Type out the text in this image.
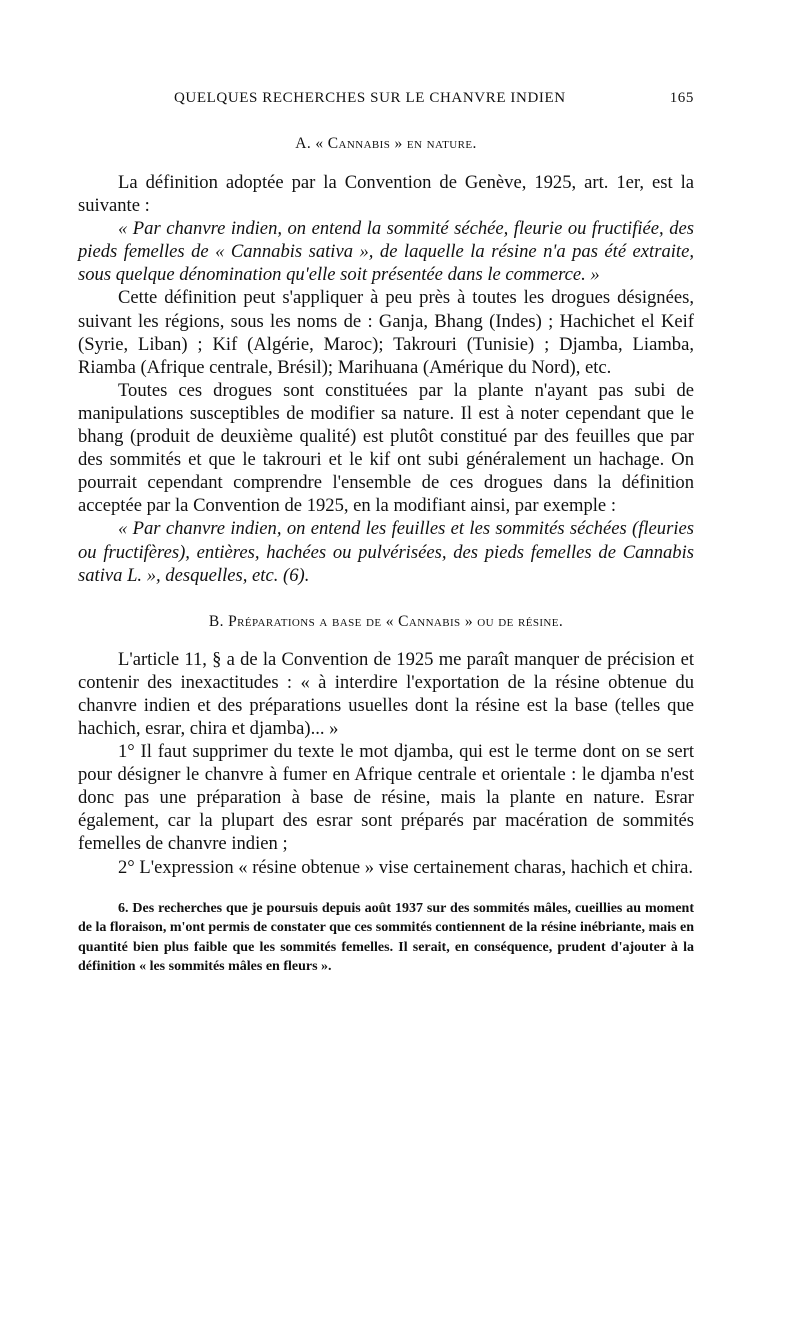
QUELQUES RECHERCHES SUR LE CHANVRE INDIEN	165

A. « Cannabis » en nature.

La définition adoptée par la Convention de Genève, 1925, art. 1er, est la suivante :

« Par chanvre indien, on entend la sommité séchée, fleurie ou fructifiée, des pieds femelles de « Cannabis sativa », de laquelle la résine n'a pas été extraite, sous quelque dénomination qu'elle soit présentée dans le commerce. »

Cette définition peut s'appliquer à peu près à toutes les drogues désignées, suivant les régions, sous les noms de : Ganja, Bhang (Indes) ; Hachichet el Keif (Syrie, Liban) ; Kif (Algérie, Maroc); Takrouri (Tunisie) ; Djamba, Liamba, Riamba (Afrique centrale, Brésil); Marihuana (Amérique du Nord), etc.

Toutes ces drogues sont constituées par la plante n'ayant pas subi de manipulations susceptibles de modifier sa nature. Il est à noter cependant que le bhang (produit de deuxième qualité) est plutôt constitué par des feuilles que par des sommités et que le takrouri et le kif ont subi généralement un hachage. On pourrait cependant comprendre l'ensemble de ces drogues dans la définition acceptée par la Convention de 1925, en la modifiant ainsi, par exemple :

« Par chanvre indien, on entend les feuilles et les sommités séchées (fleuries ou fructifères), entières, hachées ou pulvérisées, des pieds femelles de Cannabis sativa L. », desquelles, etc. (6).

B. Préparations a base de « Cannabis » ou de résine.

L'article 11, § a de la Convention de 1925 me paraît manquer de précision et contenir des inexactitudes : « à interdire l'exportation de la résine obtenue du chanvre indien et des préparations usuelles dont la résine est la base (telles que hachich, esrar, chira et djamba)... »

1° Il faut supprimer du texte le mot djamba, qui est le terme dont on se sert pour désigner le chanvre à fumer en Afrique centrale et orientale : le djamba n'est donc pas une préparation à base de résine, mais la plante en nature. Esrar également, car la plupart des esrar sont préparés par macération de sommités femelles de chanvre indien ;

2° L'expression « résine obtenue » vise certainement charas, hachich et chira.

6. Des recherches que je poursuis depuis août 1937 sur des sommités mâles, cueillies au moment de la floraison, m'ont permis de constater que ces sommités contiennent de la résine inébriante, mais en quantité bien plus faible que les sommités femelles. Il serait, en conséquence, prudent d'ajouter à la définition « les sommités mâles en fleurs ».
